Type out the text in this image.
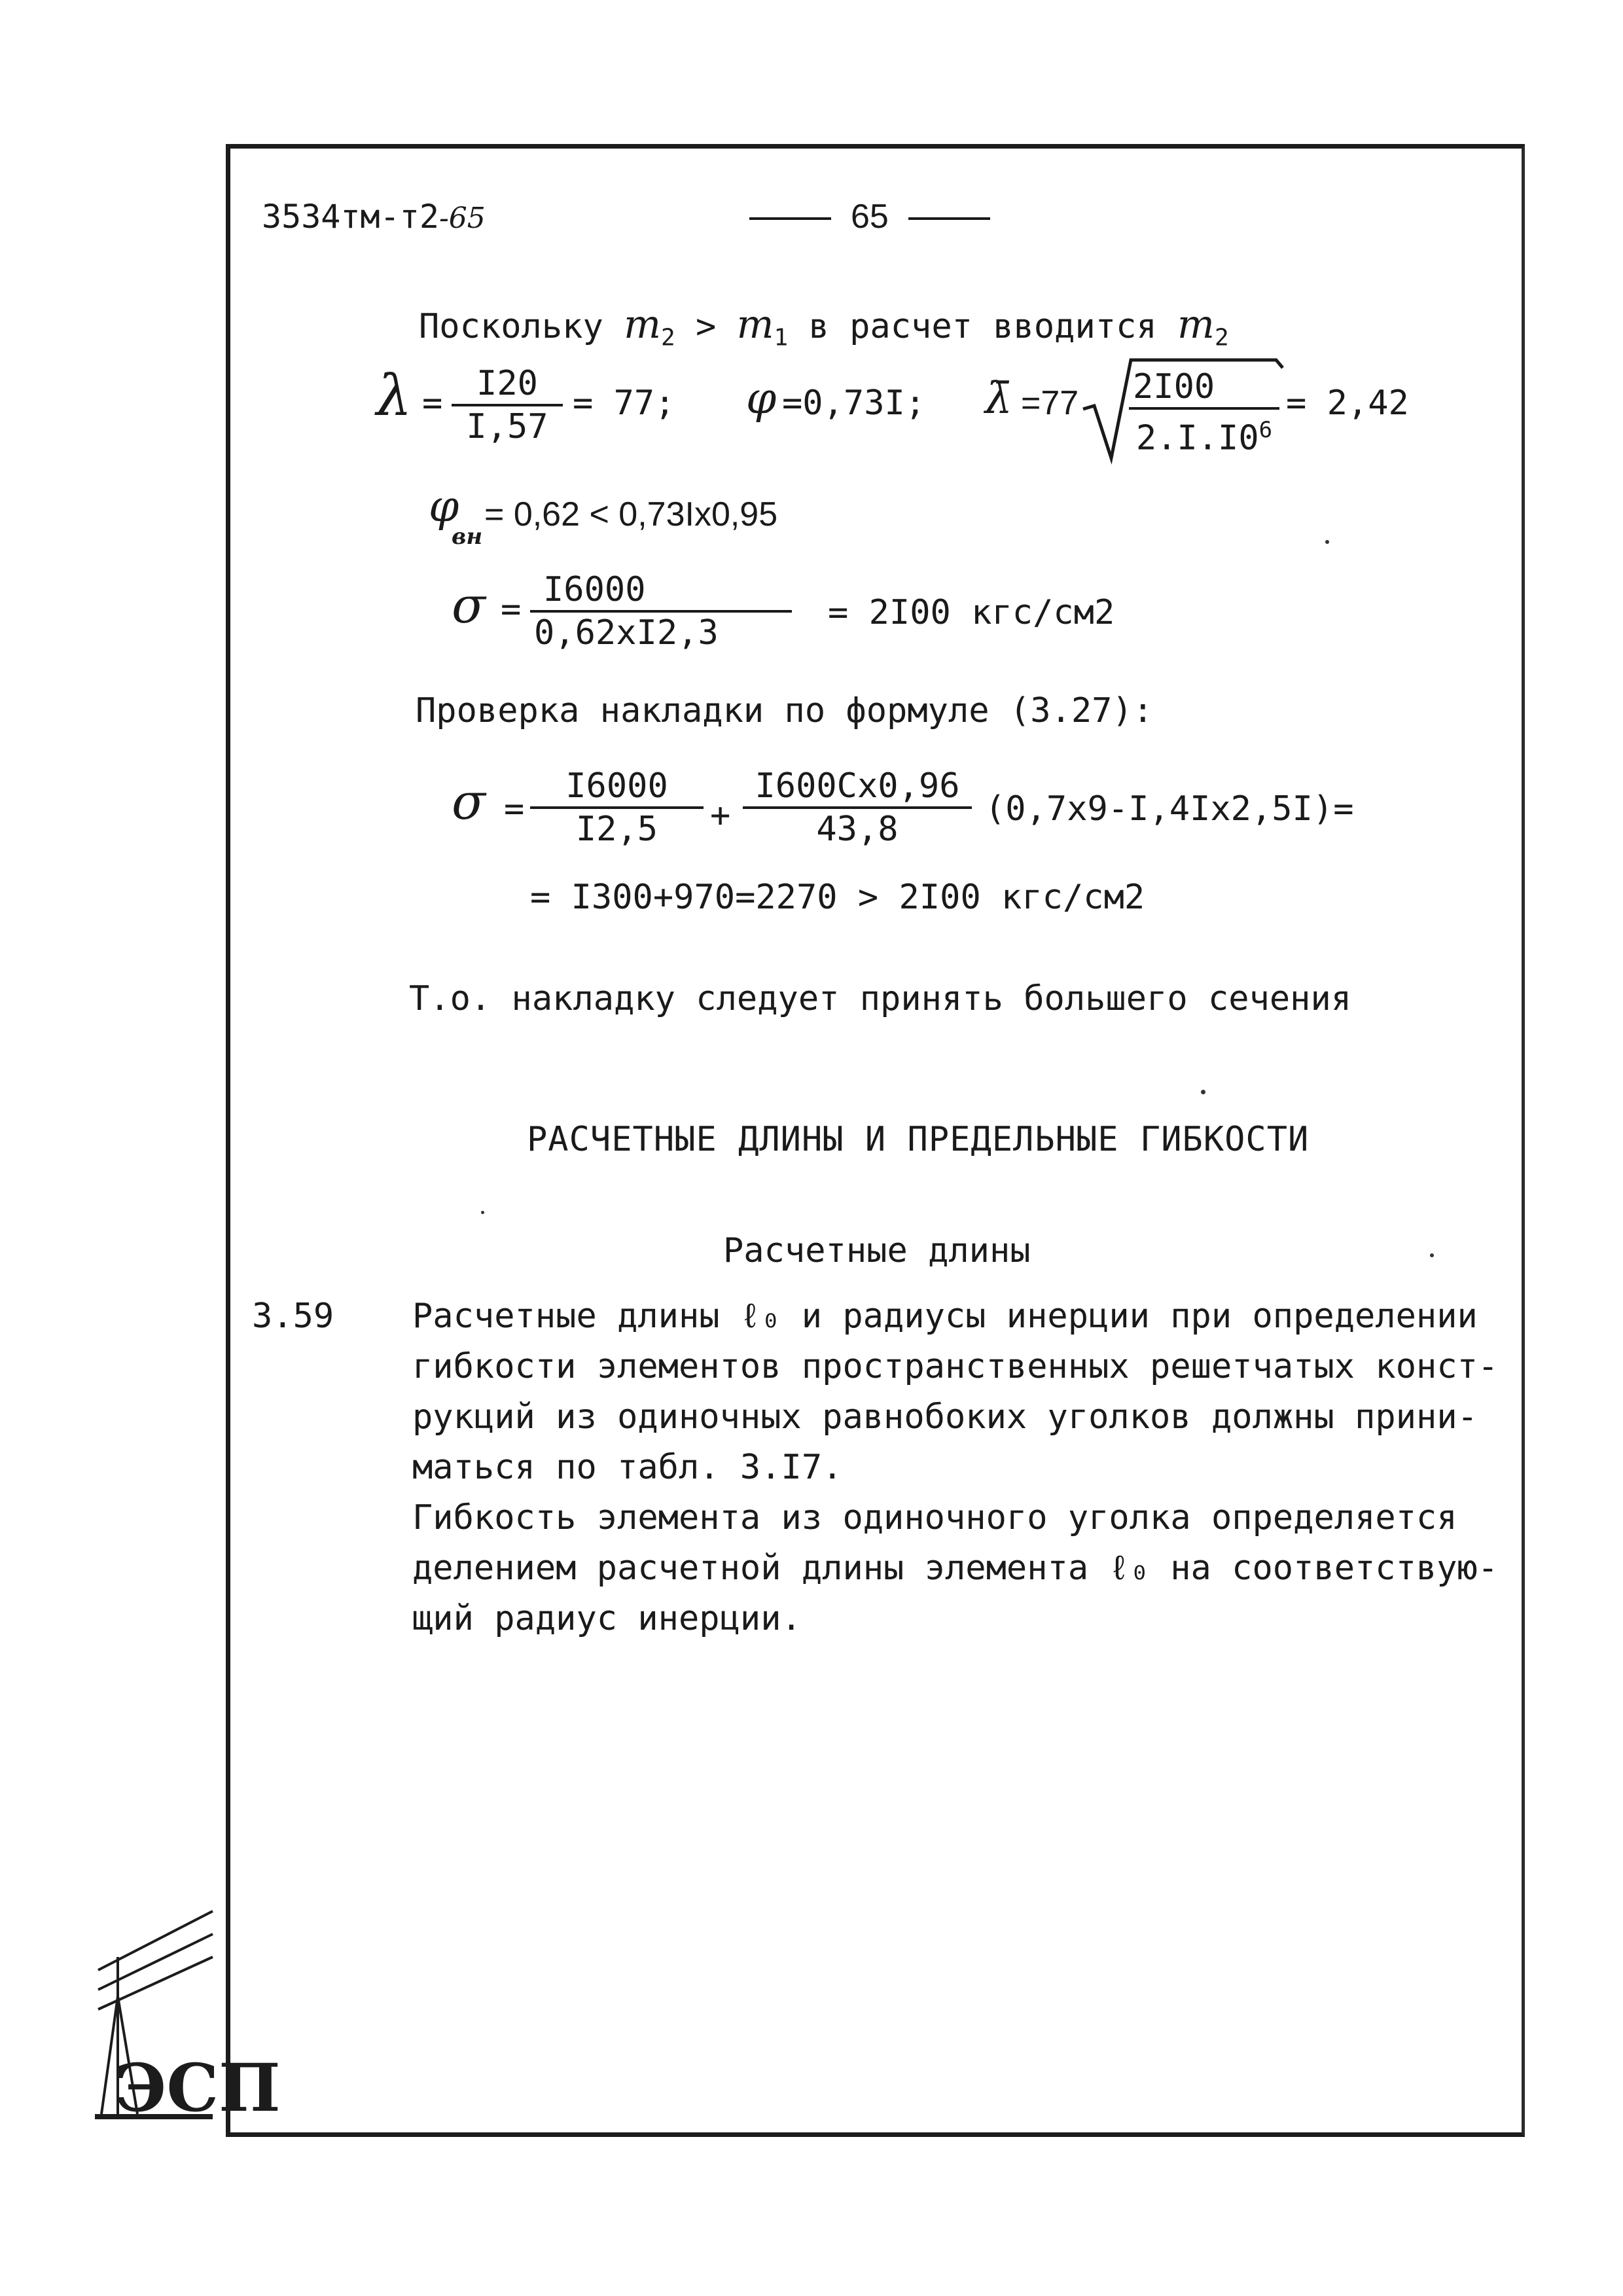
3534тм-т2-65	65
Поскольку $m_2 > m_1$ в расчет вводится $m_2$
$\lambda = \frac{I20}{I,57} = 77$; φ =0,73I; λ̄ $=77 \frac{2I00}{2.I.I0^6} = 2,42$
φ
вн
= 0,62 < 0,73Ix0,95
$\sigma = \frac{I6000}{0,62xI2,3} = 2I00$ кгс/см2
Проверка накладки по формуле (3.27):
$\sigma = \frac{I6000}{I2,5} + \frac{I600Cx0,96}{43,8} (0,7x9-I,4Ix2,5I)=$
= I300+970=2270 > 2I00 кгс/см2
Т.о. накладку следует принять большего сечения
РАСЧЕТНЫЕ ДЛИНЫ И ПРЕДЕЛЬНЫЕ ГИБКОСТИ
Расчетные длины
3.59 Расчетные длины ℓ₀ и радиусы инерции при определении
гибкости элементов пространственных решетчатых конст-
рукций из одиночных равнобоких уголков должны прини-
маться по табл. 3.I7.
Гибкость элемента из одиночного уголка определяется
делением расчетной длины элемента ℓ₀ на соответствую-
щий радиус инерции.
ЭСП
